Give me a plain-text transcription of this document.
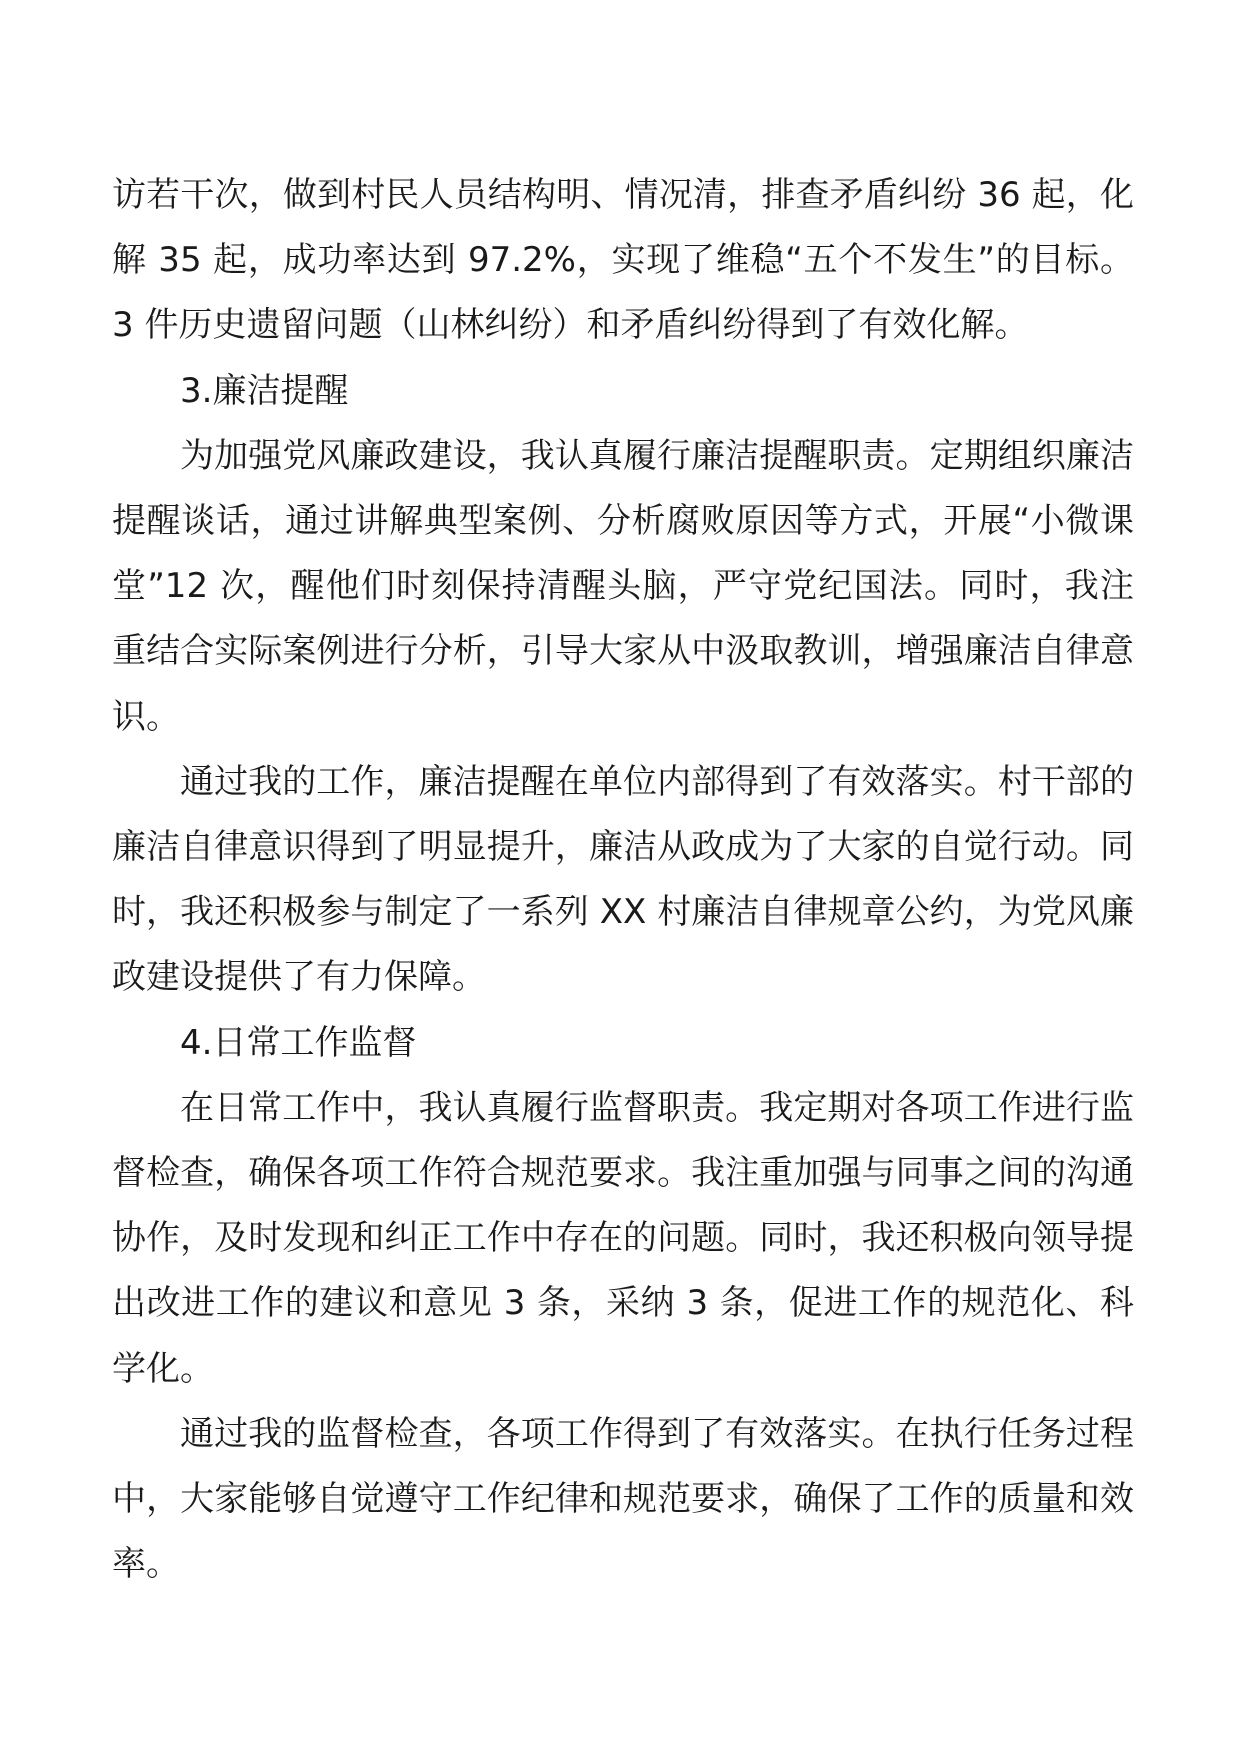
访若干次，做到村民人员结构明、情况清，排查矛盾纠纷 36 起，化解 35 起，成功率达到 97.2%，实现了维稳“五个不发生”的目标。3 件历史遗留问题（山林纠纷）和矛盾纠纷得到了有效化解。

3.廉洁提醒

为加强党风廉政建设，我认真履行廉洁提醒职责。定期组织廉洁提醒谈话，通过讲解典型案例、分析腐败原因等方式，开展“小微课堂”12 次，醒他们时刻保持清醒头脑，严守党纪国法。同时，我注重结合实际案例进行分析，引导大家从中汲取教训，增强廉洁自律意识。

通过我的工作，廉洁提醒在单位内部得到了有效落实。村干部的廉洁自律意识得到了明显提升，廉洁从政成为了大家的自觉行动。同时，我还积极参与制定了一系列 XX 村廉洁自律规章公约，为党风廉政建设提供了有力保障。

4.日常工作监督

在日常工作中，我认真履行监督职责。我定期对各项工作进行监督检查，确保各项工作符合规范要求。我注重加强与同事之间的沟通协作，及时发现和纠正工作中存在的问题。同时，我还积极向领导提出改进工作的建议和意见 3 条，采纳 3 条，促进工作的规范化、科学化。

通过我的监督检查，各项工作得到了有效落实。在执行任务过程中，大家能够自觉遵守工作纪律和规范要求，确保了工作的质量和效率。
